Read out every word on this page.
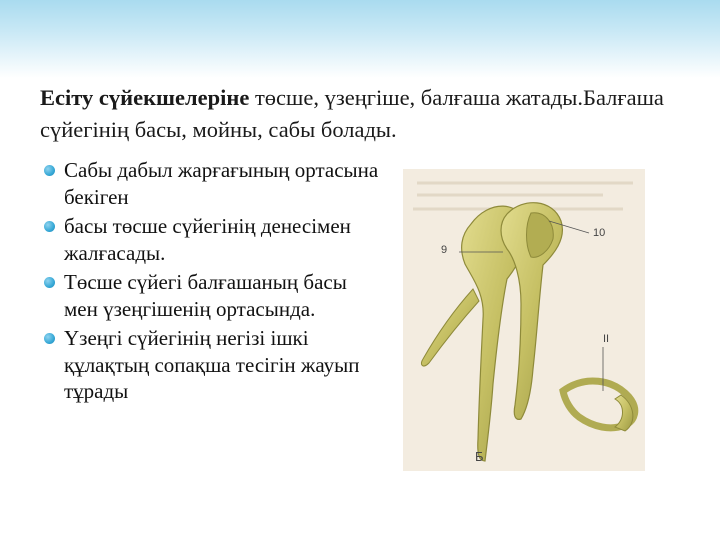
Есіту сүйекшелеріне төсше, үзеңгіше, балғаша жатады.Балғаша сүйегінің басы, мойны, сабы болады.
Сабы дабыл жарғағының ортасына бекіген
басы төсше сүйегінің денесімен жалғасады.
Төсше сүйегі балғашаның басы мен үзеңгішенің ортасында.
Үзеңгі сүйегінің негізі ішкі құлақтың сопақша тесігін жауып тұрады
9
10
II
Б
